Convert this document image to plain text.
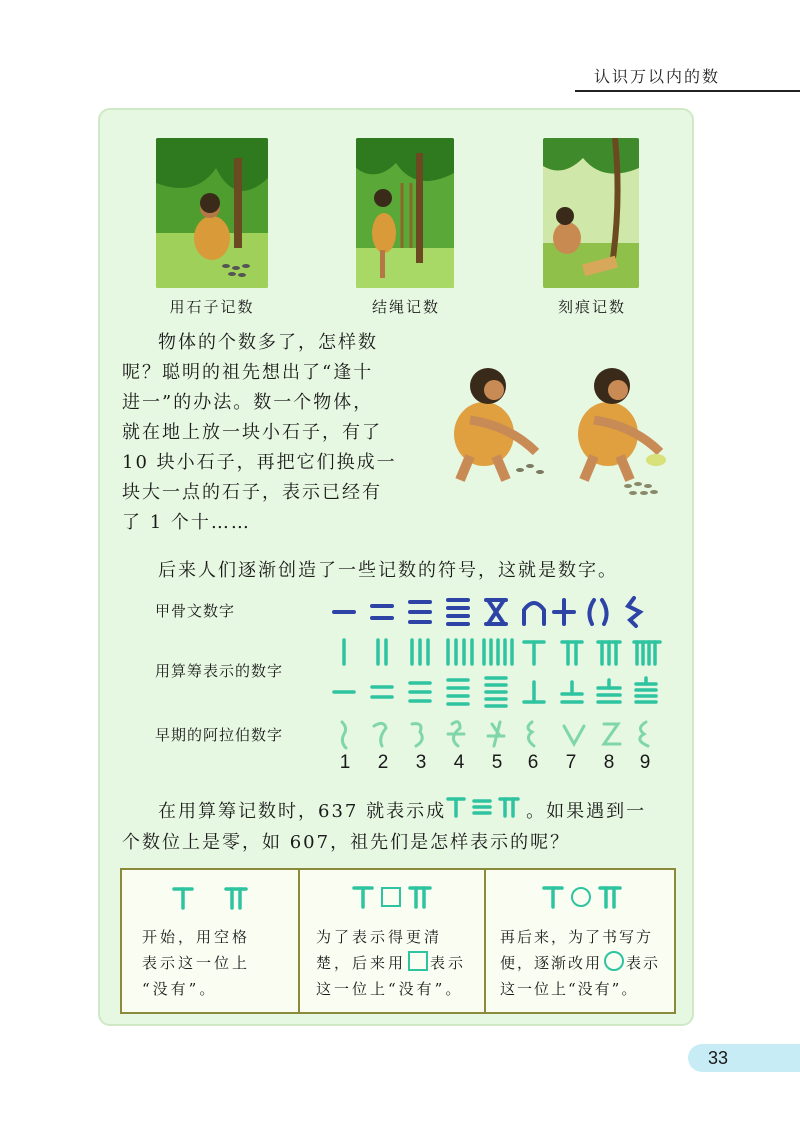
认识万以内的数
用石子记数	结绳记数	刻痕记数
物体的个数多了，怎样数
呢？聪明的祖先想出了“逢十
进一”的办法。数一个物体，
就在地上放一块小石子，有了
10 块小石子，再把它们换成一
块大一点的石子，表示已经有
了 1 个十……
后来人们逐渐创造了一些记数的符号，这就是数字。
甲骨文数字
用算筹表示的数字
早期的阿拉伯数字
1	2	3	4	5	6	7	8	9
在用算筹记数时，637 就表示成	。如果遇到一
个数位上是零，如 607，祖先们是怎样表示的呢？
开始，用空格
表示这一位上
“没有”。
为了表示得更清
楚，后来用 表示
这一位上“没有”。
再后来，为了书写方
便，逐渐改用 表示
这一位上“没有”。
33
